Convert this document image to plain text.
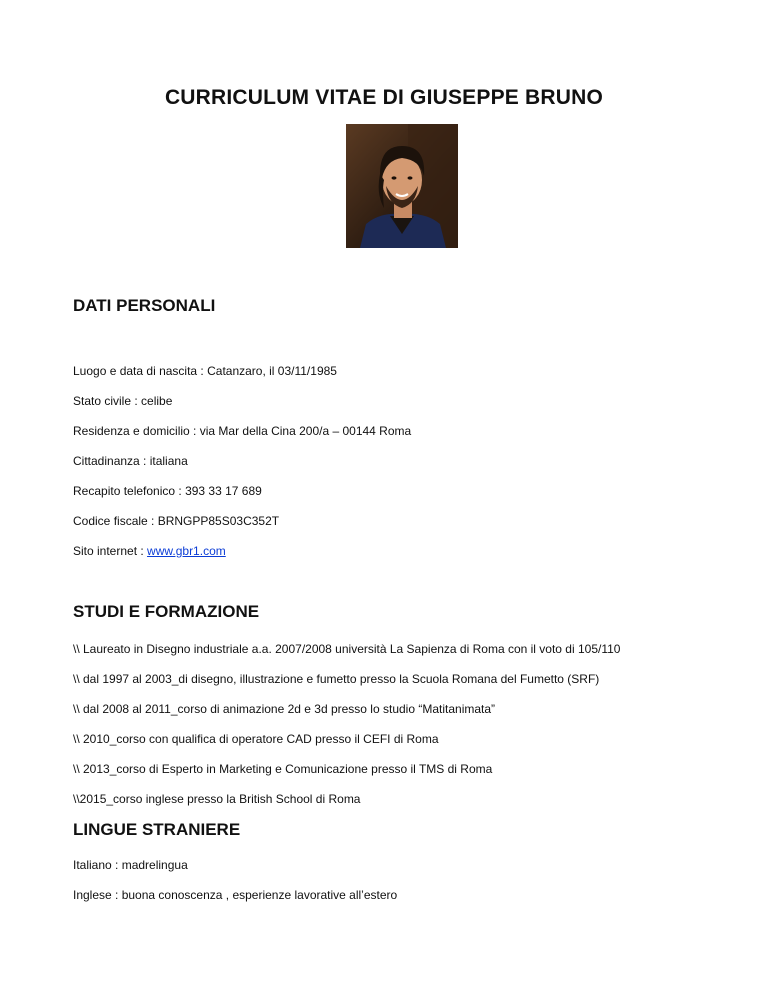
CURRICULUM VITAE DI GIUSEPPE BRUNO
DATI PERSONALI

Luogo e data di nascita : Catanzaro, il 03/11/1985

Stato civile : celibe

Residenza e domicilio : via Mar della Cina 200/a – 00144 Roma

Cittadinanza : italiana

Recapito telefonico : 393 33 17 689

Codice fiscale : BRNGPP85S03C352T

Sito internet : www.gbr1.com

STUDI E FORMAZIONE

\\ Laureato in Disegno industriale a.a. 2007/2008 università La Sapienza di Roma con il voto di 105/110

\\ dal 1997 al 2003_di disegno, illustrazione e fumetto presso la Scuola Romana del Fumetto (SRF)

\\ dal 2008 al 2011_corso di animazione 2d e 3d presso lo studio “Matitanimata”

\\ 2010_corso con qualifica di operatore CAD presso il CEFI di Roma

\\ 2013_corso di Esperto in Marketing e Comunicazione presso il TMS di Roma

\\2015_corso inglese presso la British School di Roma

LINGUE STRANIERE

Italiano : madrelingua

Inglese : buona conoscenza , esperienze lavorative all’estero
